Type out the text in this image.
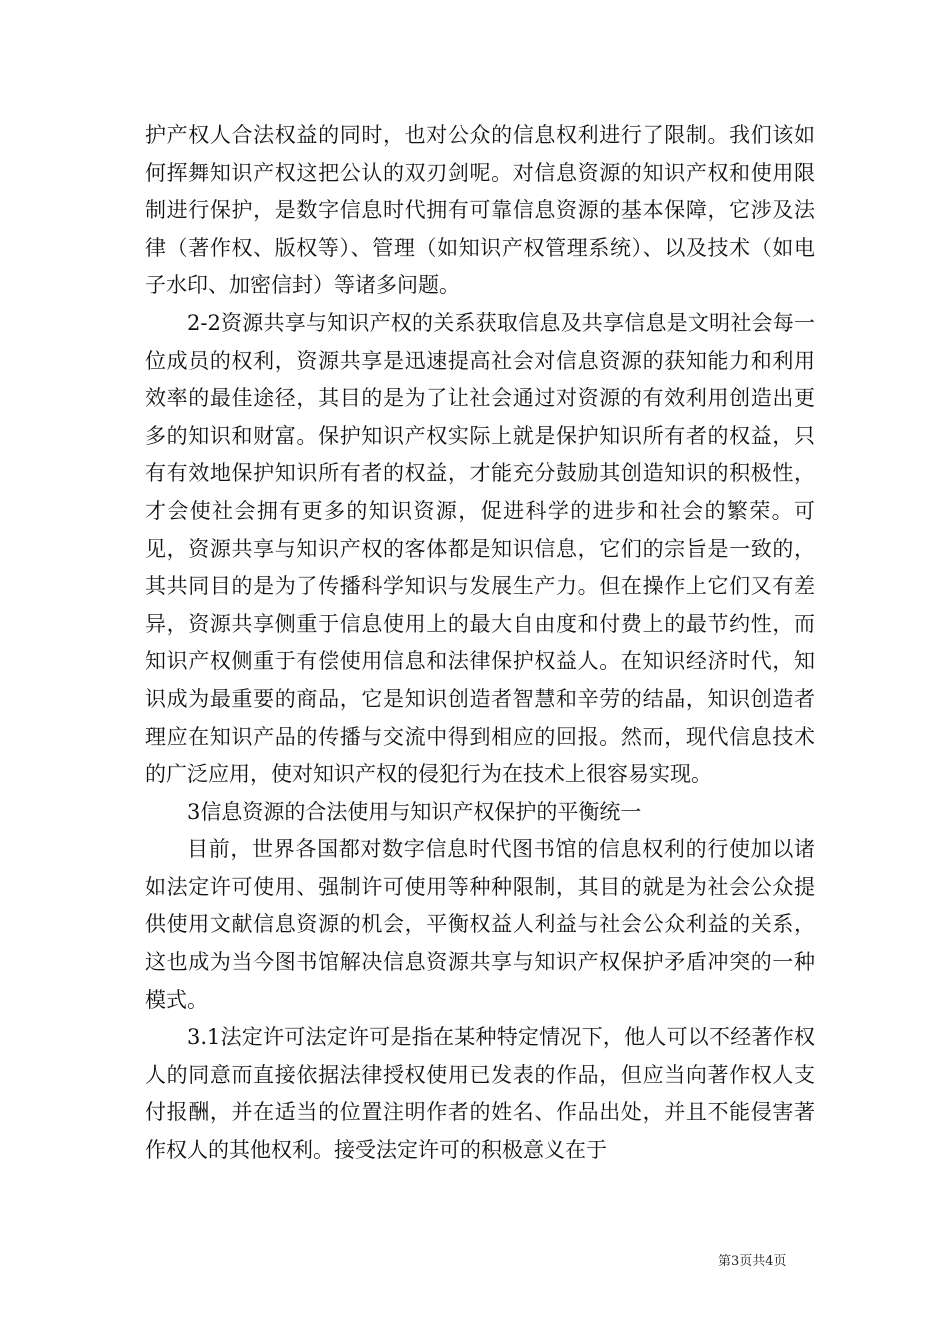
护产权人合法权益的同时，也对公众的信息权利进行了限制。我们该如何挥舞知识产权这把公认的双刃剑呢。对信息资源的知识产权和使用限制进行保护，是数字信息时代拥有可靠信息资源的基本保障，它涉及法律（著作权、版权等）、管理（如知识产权管理系统）、以及技术（如电子水印、加密信封）等诸多问题。

2-2资源共享与知识产权的关系获取信息及共享信息是文明社会每一位成员的权利，资源共享是迅速提高社会对信息资源的获知能力和利用效率的最佳途径，其目的是为了让社会通过对资源的有效利用创造出更多的知识和财富。保护知识产权实际上就是保护知识所有者的权益，只有有效地保护知识所有者的权益，才能充分鼓励其创造知识的积极性，才会使社会拥有更多的知识资源，促进科学的进步和社会的繁荣。可见，资源共享与知识产权的客体都是知识信息，它们的宗旨是一致的，其共同目的是为了传播科学知识与发展生产力。但在操作上它们又有差异，资源共享侧重于信息使用上的最大自由度和付费上的最节约性，而知识产权侧重于有偿使用信息和法律保护权益人。在知识经济时代，知识成为最重要的商品，它是知识创造者智慧和辛劳的结晶，知识创造者理应在知识产品的传播与交流中得到相应的回报。然而，现代信息技术的广泛应用，使对知识产权的侵犯行为在技术上很容易实现。

3信息资源的合法使用与知识产权保护的平衡统一

目前，世界各国都对数字信息时代图书馆的信息权利的行使加以诸如法定许可使用、强制许可使用等种种限制，其目的就是为社会公众提供使用文献信息资源的机会，平衡权益人利益与社会公众利益的关系，这也成为当今图书馆解决信息资源共享与知识产权保护矛盾冲突的一种模式。

3.1法定许可法定许可是指在某种特定情况下，他人可以不经著作权人的同意而直接依据法律授权使用已发表的作品，但应当向著作权人支付报酬，并在适当的位置注明作者的姓名、作品出处，并且不能侵害著作权人的其他权利。接受法定许可的积极意义在于

第3页共4页
